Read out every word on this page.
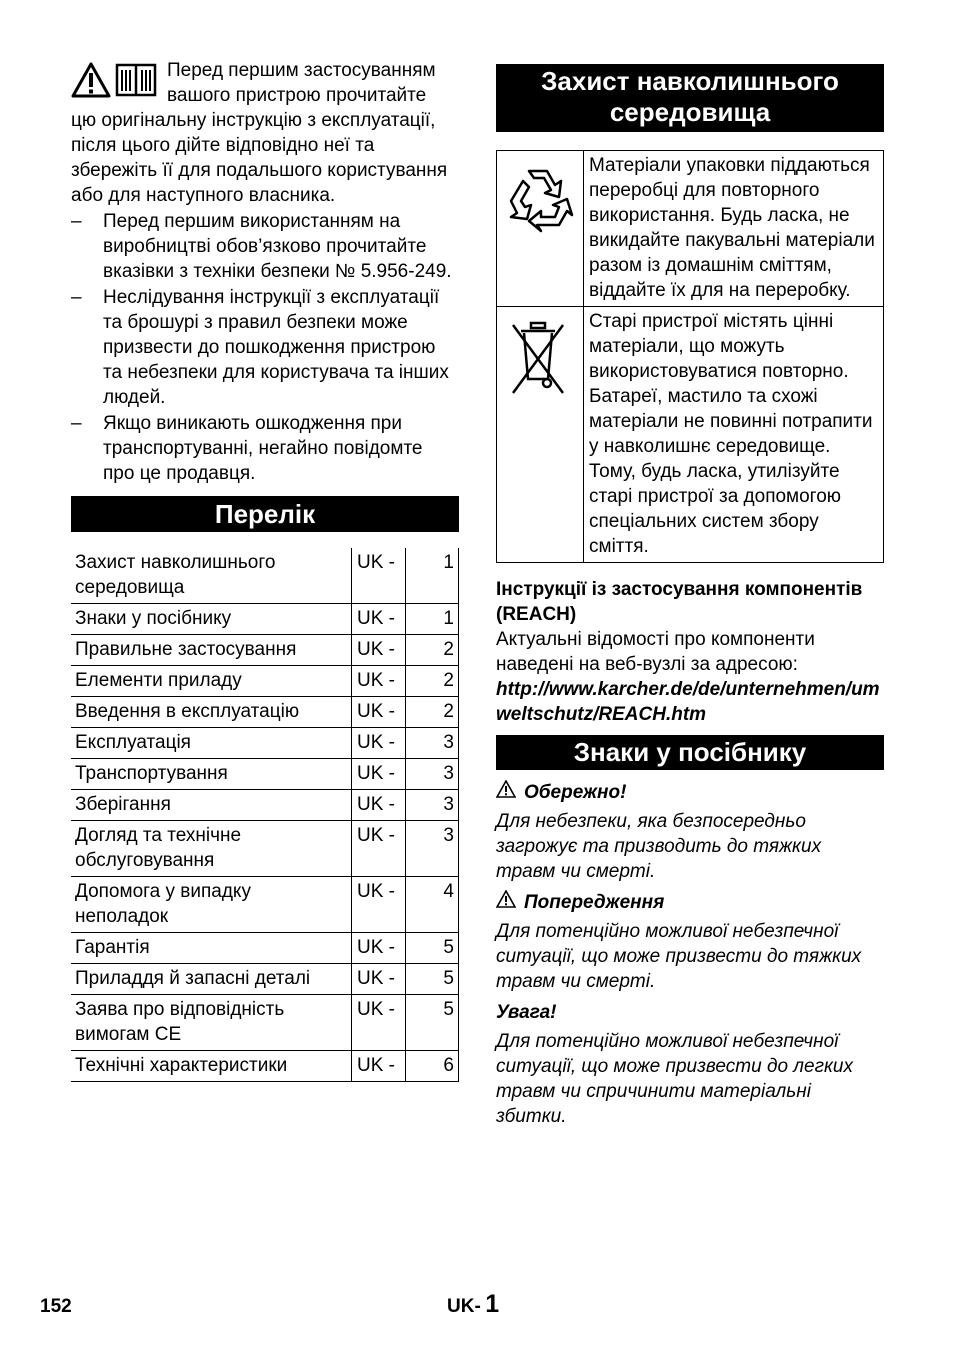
Перед першим застосуванням

вашого пристрою прочитайте

цю оригінальну інструкцію з експлуатації, після цього дійте відповідно неї та збережіть її для подальшого користування або для наступного власника.

– Перед першим використанням на виробництві обов’язково прочитайте вказівки з техніки безпеки № 5.956-249.
– Неслідування інструкції з експлуатації та брошурі з правил безпеки може призвести до пошкодження пристрою та небезпеки для користувача та інших людей.
– Якщо виникають ошкодження при транспортуванні, негайно повідомте про це продавця.
Перелік
Захист навколишнього середовища	UK -	1
Знаки у посібнику	UK -	1
Правильне застосування	UK -	2
Елементи приладу	UK -	2
Введення в експлуатацію	UK -	2
Експлуатація	UK -	3
Транспортування	UK -	3
Зберігання	UK -	3
Догляд та технічне обслуговування	UK -	3
Допомога у випадку неполадок	UK -	4
Гарантія	UK -	5
Приладдя й запасні деталі	UK -	5
Заява про відповідність вимогам CE	UK -	5
Технічні характеристики	UK -	6
Захист навколишнього середовища
	Матеріали упаковки піддаються переробці для повторного використання. Будь ласка, не викидайте пакувальні матеріали разом із домашнім сміттям, віддайте їх для на переробку.
	Старі пристрої містять цінні матеріали, що можуть використовуватися повторно. Батареї, мастило та схожі матеріали не повинні потрапити у навколишнє середовище. Тому, будь ласка, утилізуйте старі пристрої за допомогою спеціальних систем збору сміття.

Інструкції із застосування компонентів (REACH)

Актуальні відомості про компоненти наведені на веб-вузлі за адресою:

http://www.karcher.de/de/unternehmen/umweltschutz/REACH.htm

Знаки у посібнику

Обережно!

Для небезпеки, яка безпосередньо загрожує та призводить до тяжких травм чи смерті.

Попередження

Для потенційно можливої небезпечної ситуації, що може призвести до тяжких травм чи смерті.

Увага!

Для потенційно можливої небезпечної ситуації, що може призвести до легких травм чи спричинити матеріальні збитки.

152	UK- 1
